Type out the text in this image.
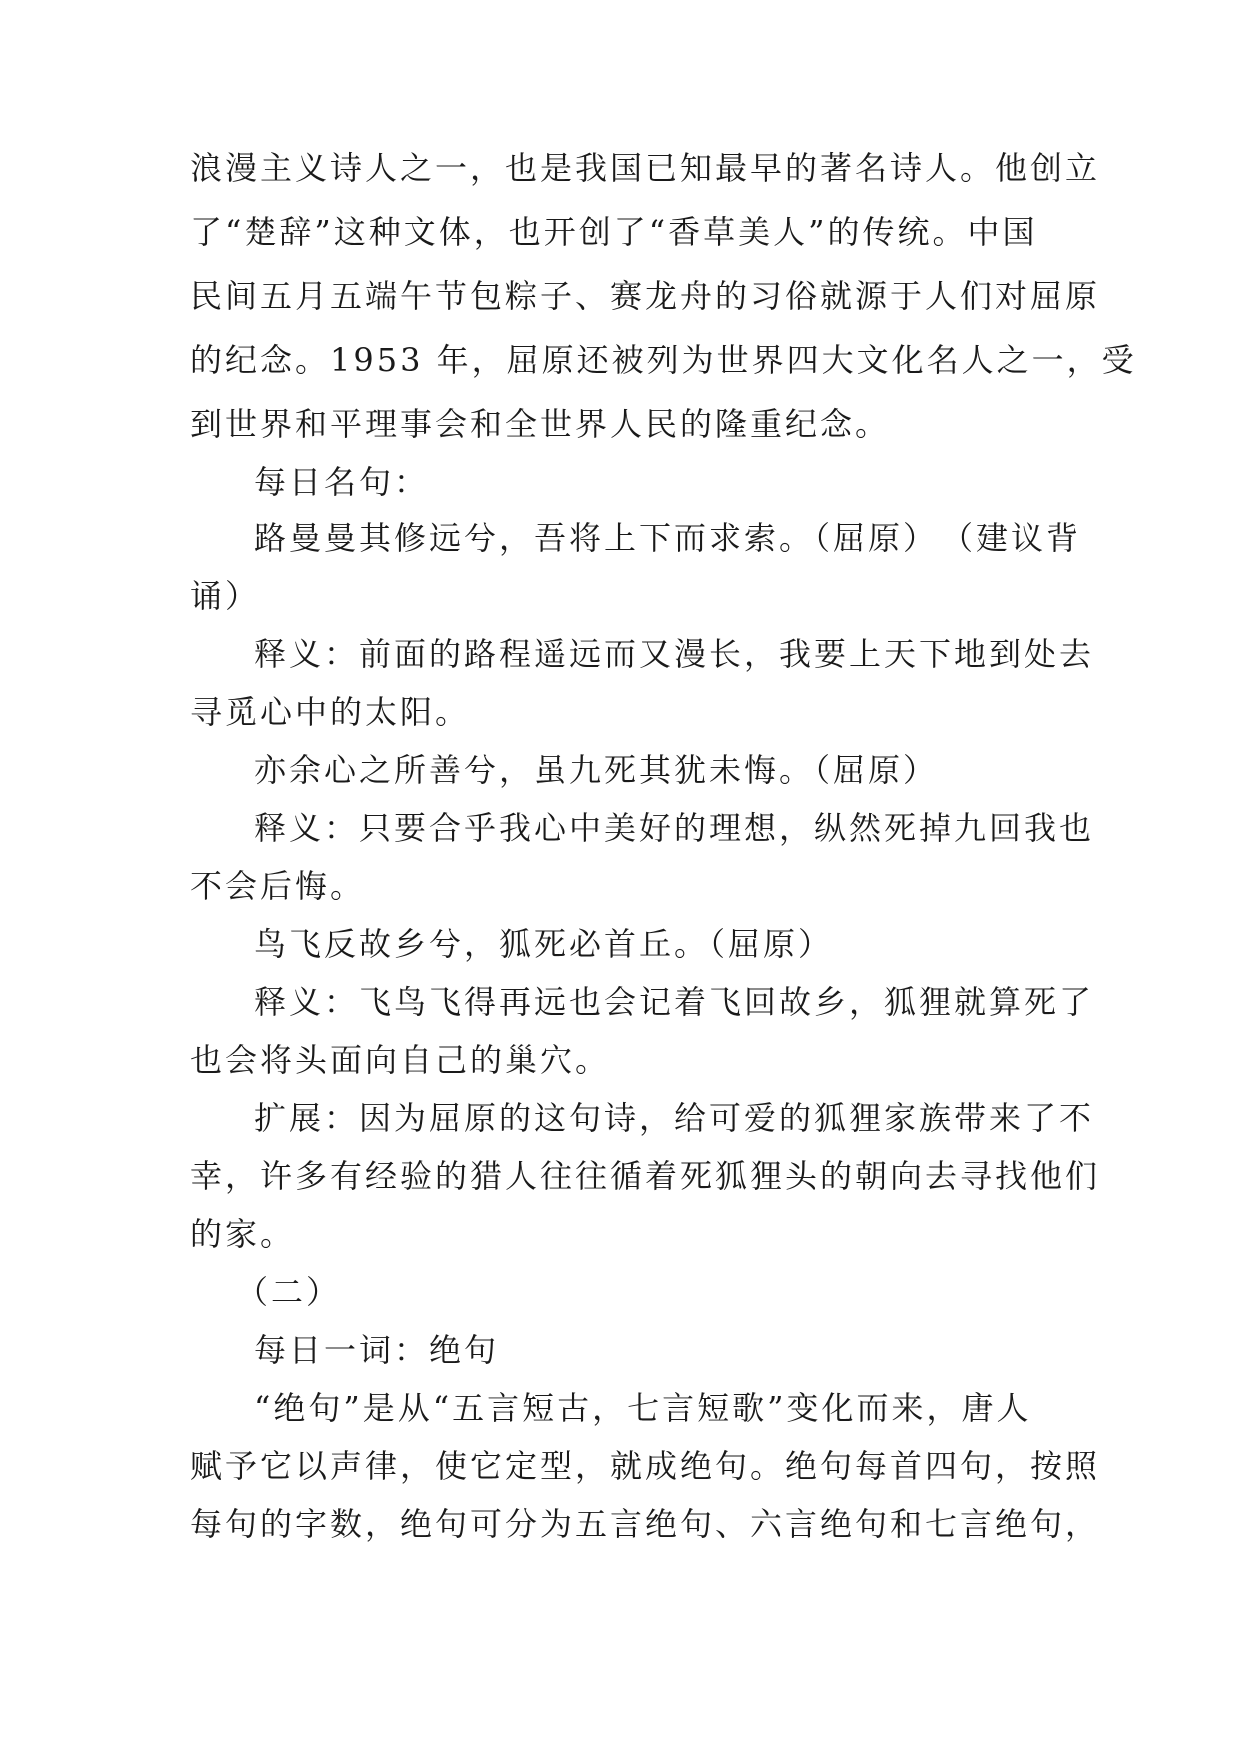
浪漫主义诗人之一，也是我国已知最早的著名诗人。他创立
了“楚辞”这种文体，也开创了“香草美人”的传统。中国
民间五月五端午节包粽子、赛龙舟的习俗就源于人们对屈原
的纪念。1953 年，屈原还被列为世界四大文化名人之一，受
到世界和平理事会和全世界人民的隆重纪念。
每日名句：
路曼曼其修远兮，吾将上下而求索。（屈原）　（建议背
诵）
释义：前面的路程遥远而又漫长，我要上天下地到处去
寻觅心中的太阳。
亦余心之所善兮，虽九死其犹未悔。（屈原）
释义：只要合乎我心中美好的理想，纵然死掉九回我也
不会后悔。
鸟飞反故乡兮，狐死必首丘。（屈原）
释义：飞鸟飞得再远也会记着飞回故乡，狐狸就算死了
也会将头面向自己的巢穴。
扩展：因为屈原的这句诗，给可爱的狐狸家族带来了不
幸，许多有经验的猎人往往循着死狐狸头的朝向去寻找他们
的家。
（二）
每日一词：绝句
“绝句”是从“五言短古，七言短歌”变化而来，唐人
赋予它以声律，使它定型，就成绝句。绝句每首四句，按照
每句的字数，绝句可分为五言绝句、六言绝句和七言绝句，
